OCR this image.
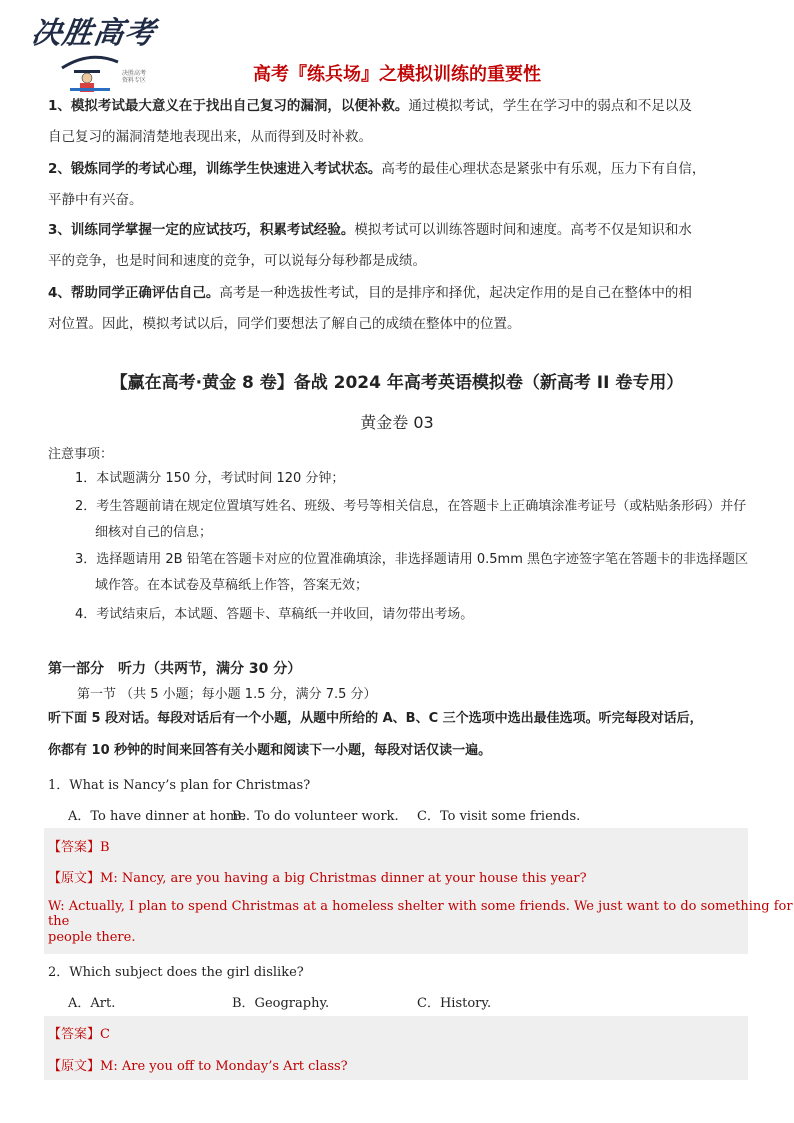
决胜高考
决胜高考
资料专区	高考『练兵场』之模拟训练的重要性
1、模拟考试最大意义在于找出自己复习的漏洞，以便补救。通过模拟考试，学生在学习中的弱点和不足以及
自己复习的漏洞清楚地表现出来，从而得到及时补救。
2、锻炼同学的考试心理，训练学生快速进入考试状态。高考的最佳心理状态是紧张中有乐观，压力下有自信，
平静中有兴奋。
3、训练同学掌握一定的应试技巧，积累考试经验。模拟考试可以训练答题时间和速度。高考不仅是知识和水
平的竞争，也是时间和速度的竞争，可以说每分每秒都是成绩。
4、帮助同学正确评估自己。高考是一种选拔性考试，目的是排序和择优，起决定作用的是自己在整体中的相
对位置。因此，模拟考试以后，同学们要想法了解自己的成绩在整体中的位置。
【赢在高考·黄金 8 卷】备战 2024 年高考英语模拟卷（新高考 II 卷专用）
黄金卷 03
注意事项：
1．本试题满分 150 分，考试时间 120 分钟；
2．考生答题前请在规定位置填写姓名、班级、考号等相关信息，在答题卡上正确填涂准考证号（或粘贴条形码）并仔细核对自己的信息；
3．选择题请用 2B 铅笔在答题卡对应的位置准确填涂，非选择题请用 0.5mm 黑色字迹签字笔在答题卡的非选择题区域作答。在本试卷及草稿纸上作答，答案无效；
4．考试结束后，本试题、答题卡、草稿纸一并收回，请勿带出考场。
第一部分　听力（共两节，满分 30 分）
第一节 （共 5 小题；每小题 1.5 分，满分 7.5 分）
听下面 5 段对话。每段对话后有一个小题，从题中所给的 A、B、C 三个选项中选出最佳选项。听完每段对话后，
你都有 10 秒钟的时间来回答有关小题和阅读下一小题，每段对话仅读一遍。
1．What is Nancy’s plan for Christmas?
A．To have dinner at home.
B．To do volunteer work. C．To visit some friends.
【答案】B
【原文】M: Nancy, are you having a big Christmas dinner at your house this year?
W: Actually, I plan to spend Christmas at a homeless shelter with some friends. We just want to do something for the
people there.
2．Which subject does the girl dislike?
A．Art.	B．Geography.	C．History.
【答案】C
【原文】M: Are you off to Monday’s Art class?
